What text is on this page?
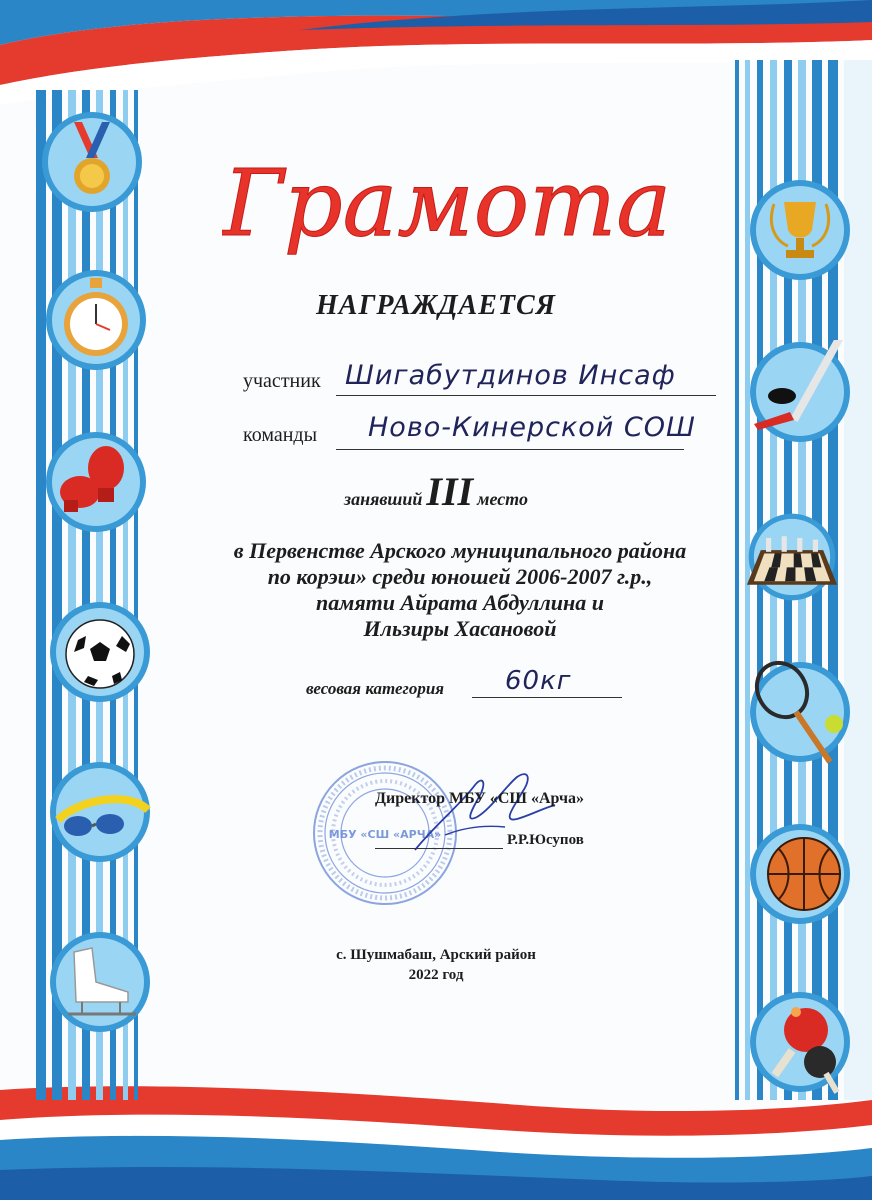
Грамота
НАГРАЖДАЕТСЯ
участник Шигабутдинов Инсаф
команды Ново-Кинерской СОШ
занявший III место
в Первенстве Арского муниципального района
по корэш» среди юношей 2006-2007 г.р.,
памяти Айрата Абдуллина и
Ильзиры Хасановой
весовая категория 60кг
МБУ «СШ «АРЧА»
Директор МБУ «СШ «Арча»
Р.Р.Юсупов
с. Шушмабаш, Арский район
2022 год
